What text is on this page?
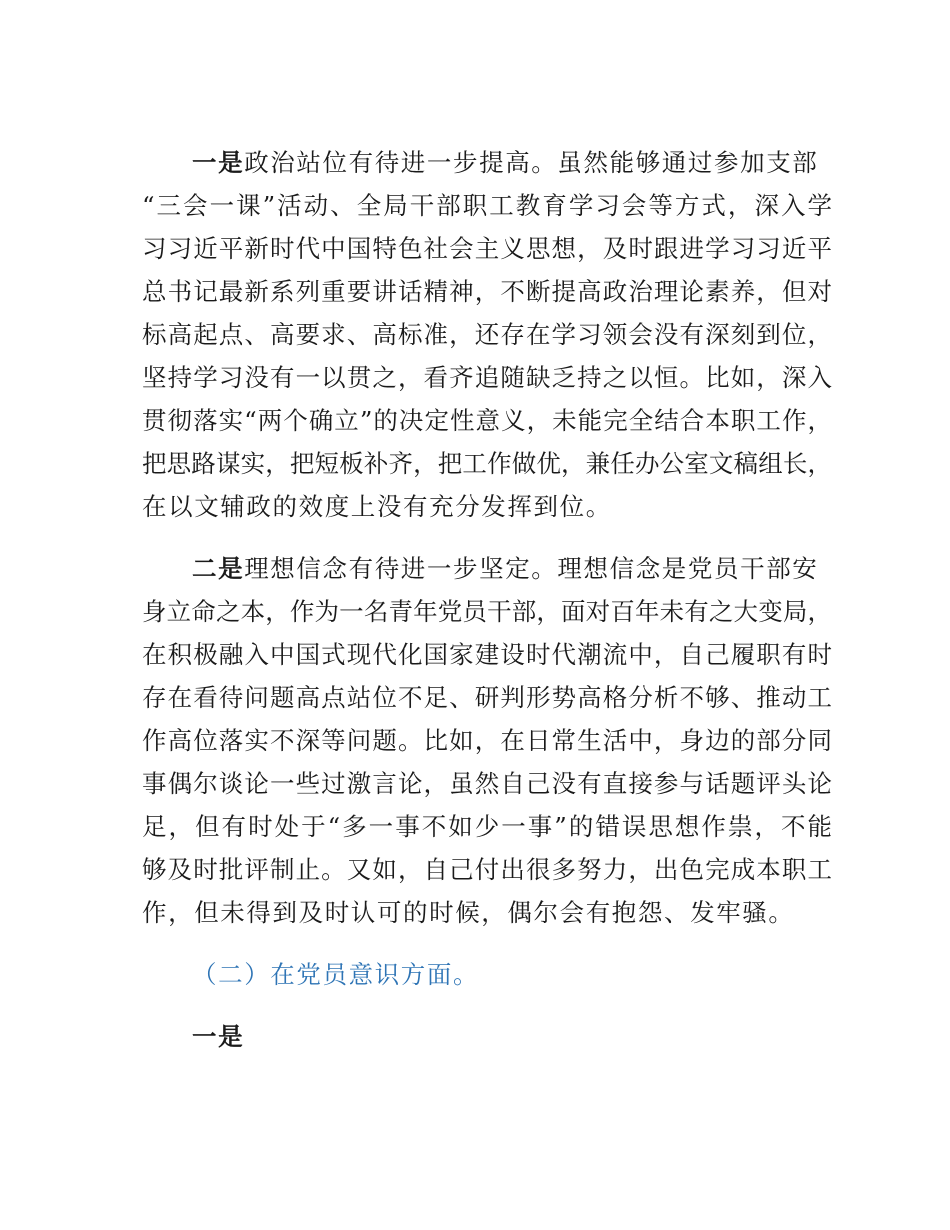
一是政治站位有待进一步提高。虽然能够通过参加支部
“三会一课”活动、全局干部职工教育学习会等方式，深入学
习习近平新时代中国特色社会主义思想，及时跟进学习习近平
总书记最新系列重要讲话精神，不断提高政治理论素养，但对
标高起点、高要求、高标准，还存在学习领会没有深刻到位，
坚持学习没有一以贯之，看齐追随缺乏持之以恒。比如，深入
贯彻落实“两个确立”的决定性意义，未能完全结合本职工作，
把思路谋实，把短板补齐，把工作做优，兼任办公室文稿组长，
在以文辅政的效度上没有充分发挥到位。
二是理想信念有待进一步坚定。理想信念是党员干部安
身立命之本，作为一名青年党员干部，面对百年未有之大变局，
在积极融入中国式现代化国家建设时代潮流中，自己履职有时
存在看待问题高点站位不足、研判形势高格分析不够、推动工
作高位落实不深等问题。比如，在日常生活中，身边的部分同
事偶尔谈论一些过激言论，虽然自己没有直接参与话题评头论
足，但有时处于“多一事不如少一事”的错误思想作祟，不能
够及时批评制止。又如，自己付出很多努力，出色完成本职工
作，但未得到及时认可的时候，偶尔会有抱怨、发牢骚。
（二）在党员意识方面。
一是
